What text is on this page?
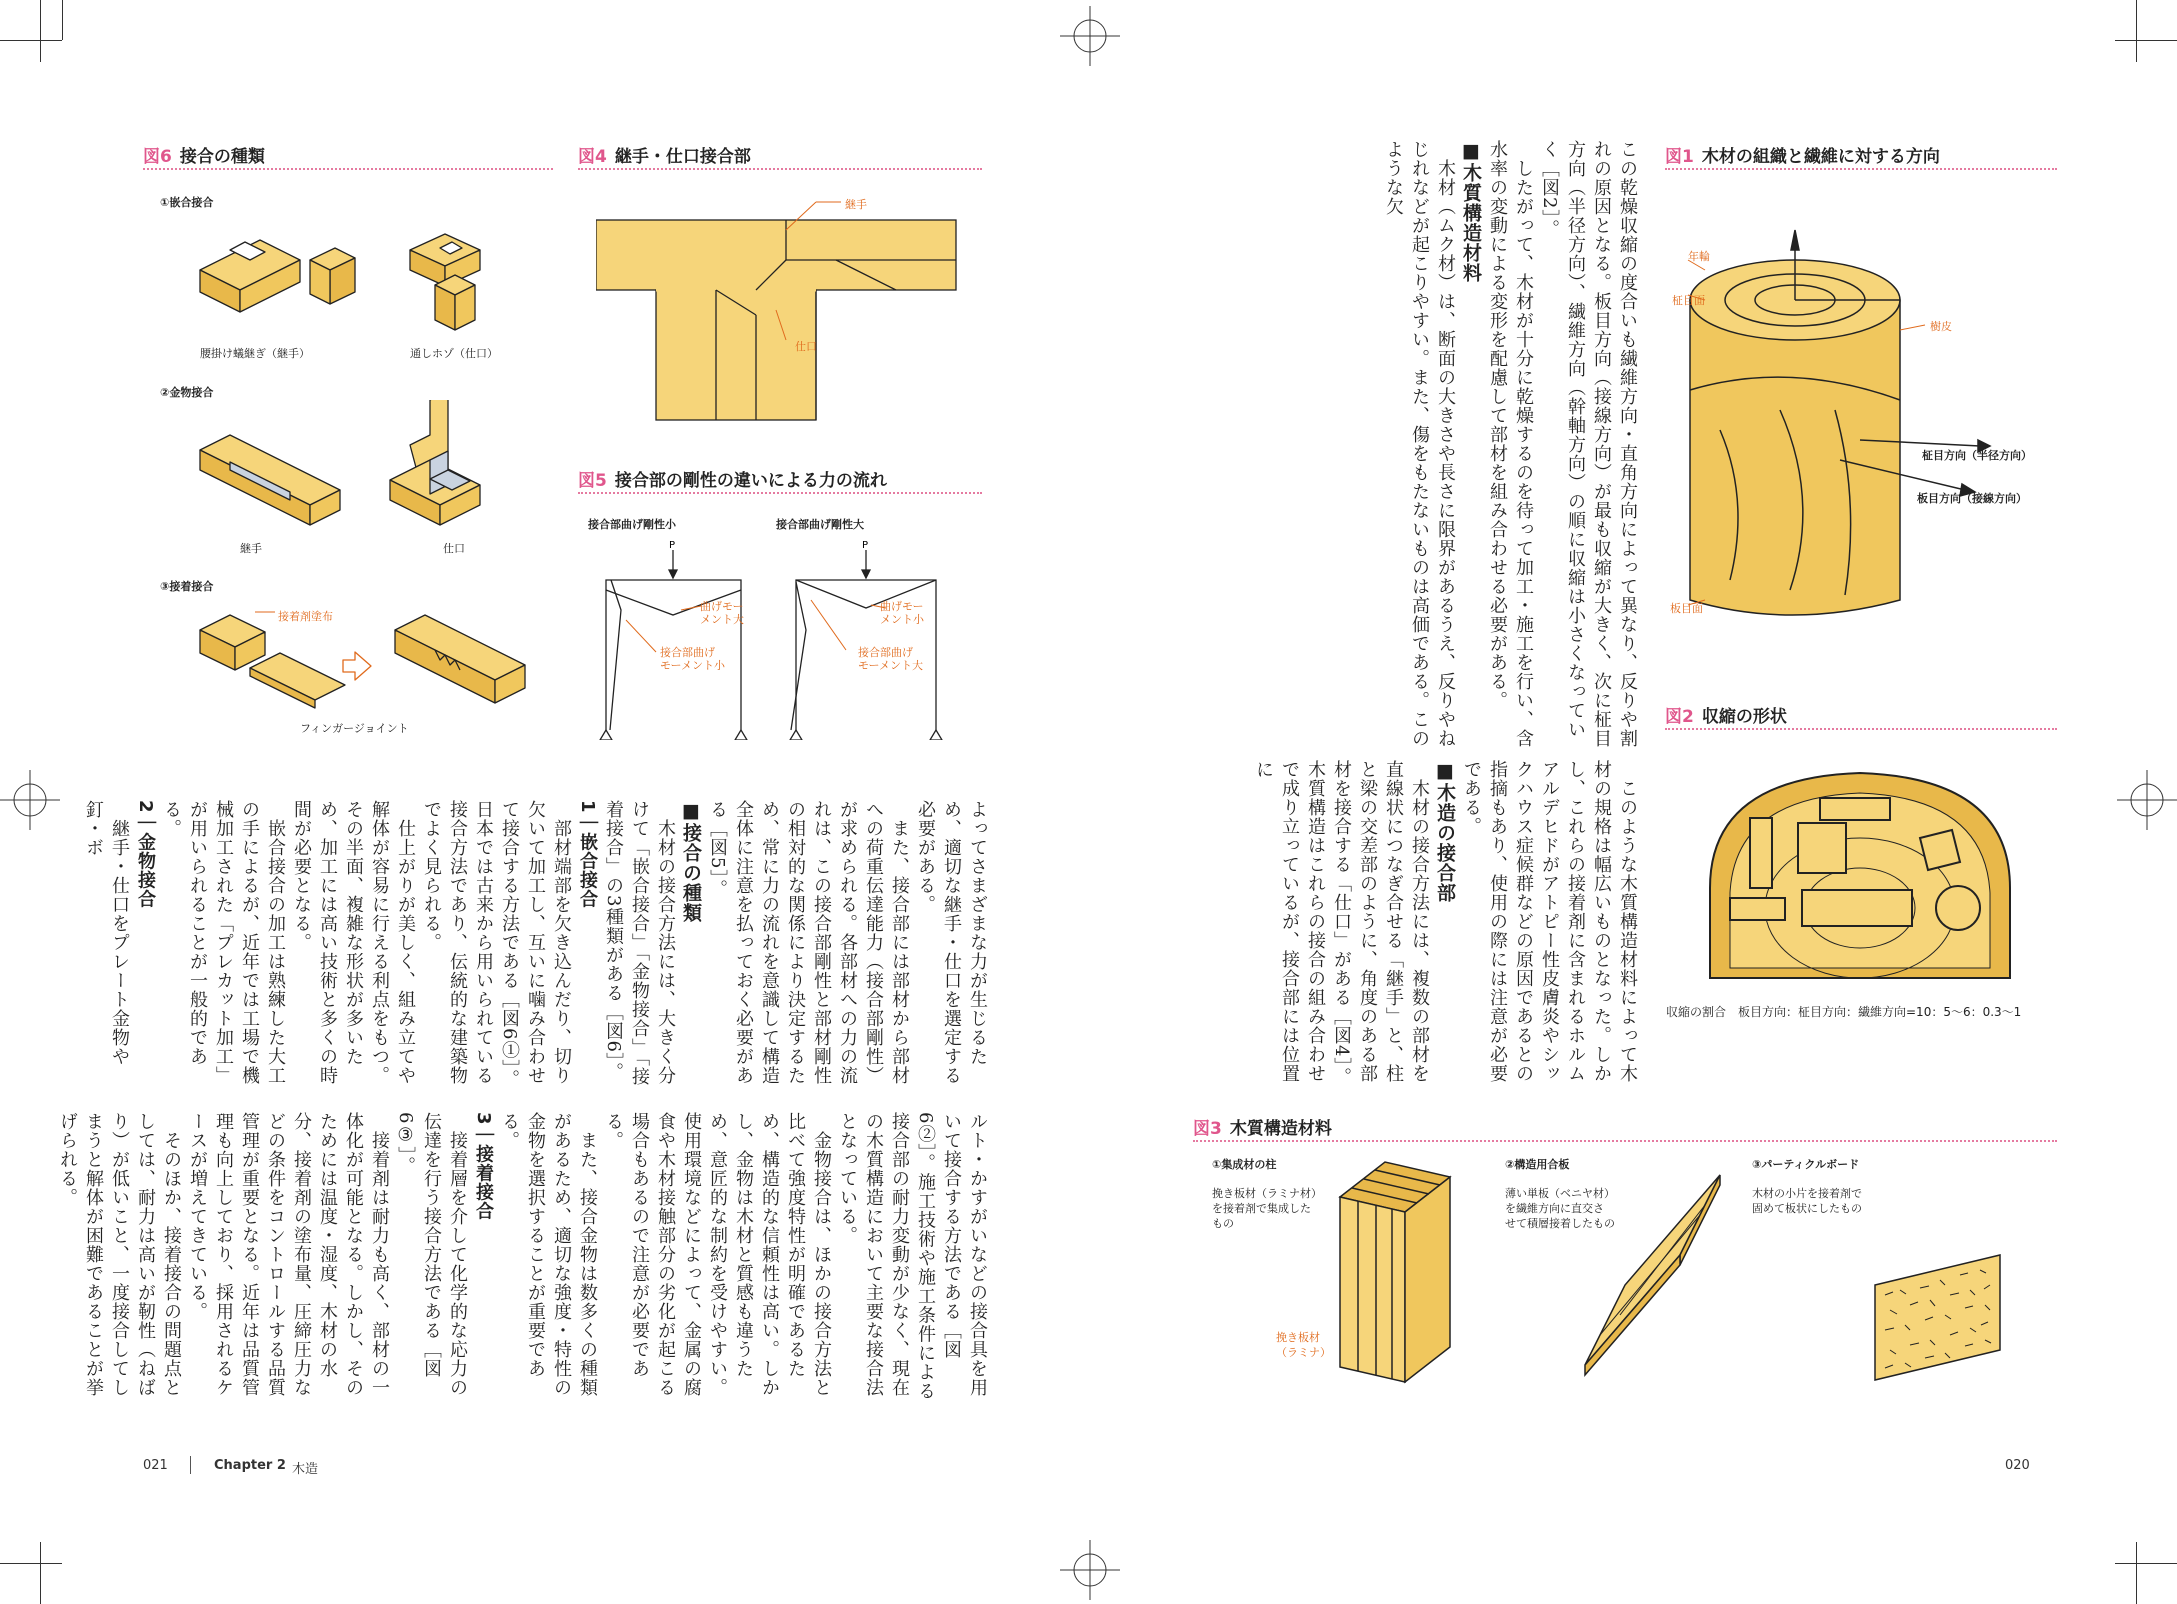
図6 接合の種類
①嵌合接合
腰掛け蟻継ぎ（継手）	通しホゾ（仕口）
②金物接合
継手	仕口
③接着接合
接着剤塗布
フィンガージョイント
図4 継手・仕口接合部
継手
仕口
図5 接合部の剛性の違いによる力の流れ
接合部曲げ剛性小	接合部曲げ剛性大
P	P
曲げモー
メント大
接合部曲げ
モーメント小
曲げモー
メント小
接合部曲げ
モーメント大

よってさまざまな力が生じるため、適切な継手・仕口を選定する必要がある。

　また、接合部には部材から部材への荷重伝達能力（接合部剛性）が求められる。各部材への力の流れは、この接合部剛性と部材剛性の相対的な関係により決定するため、常に力の流れを意識して構造全体に注意を払っておく必要がある［図5］。

■接合の種類

　木材の接合方法には、大きく分けて「嵌合接合」「金物接合」「接着接合」の3種類がある［図6］。

1｜嵌合接合

　部材端部を欠き込んだり、切り欠いて加工し、互いに噛み合わせて接合する方法である［図6①］。日本では古来から用いられている接合方法であり、伝統的な建築物でよく見られる。

　仕上がりが美しく、組み立てや解体が容易に行える利点をもつ。その半面、複雑な形状が多いため、加工には高い技術と多くの時間が必要となる。

　嵌合接合の加工は熟練した大工の手によるが、近年では工場で機械加工された「プレカット加工」が用いられることが一般的である。

2｜金物接合

　継手・仕口をプレート金物や釘・ボ

ルト・かすがいなどの接合具を用いて接合する方法である［図6②］。施工技術や施工条件による接合部の耐力変動が少なく、現在の木質構造において主要な接合法となっている。

　金物接合は、ほかの接合方法と比べて強度特性が明確であるため、構造的な信頼性は高い。しかし、金物は木材と質感も違うため、意匠的な制約を受けやすい。使用環境などによって、金属の腐食や木材接触部分の劣化が起こる場合もあるので注意が必要である。

　また、接合金物は数多くの種類があるため、適切な強度・特性の金物を選択することが重要である。

3｜接着接合

　接着層を介して化学的な応力の伝達を行う接合方法である［図6③］。

　接着剤は耐力も高く、部材の一体化が可能となる。しかし、そのためには温度・湿度、木材の水分、接着剤の塗布量、圧締圧力などの条件をコントロールする品質管理が重要となる。近年は品質管理も向上しており、採用されるケースが増えてきている。

　そのほか、接着接合の問題点としては、耐力は高いが靭性（ねばり）が低いこと、一度接合してしまうと解体が困難であることが挙げられる。

021	Chapter 2 木造

この乾燥収縮の度合いも繊維方向・直角方向によって異なり、反りや割れの原因となる。板目方向（接線方向）が最も収縮が大きく、次に柾目方向（半径方向）、繊維方向（幹軸方向）の順に収縮は小さくなっていく［図2］。

　したがって、木材が十分に乾燥するのを待って加工・施工を行い、含水率の変動による変形を配慮して部材を組み合わせる必要がある。

■木質構造材料

　木材（ムク材）は、断面の大きさや長さに限界があるうえ、反りやねじれなどが起こりやすい。また、傷をもたないものは高価である。このような欠

　このような木質構造材料によって木材の規格は幅広いものとなった。しかし、これらの接着剤に含まれるホルムアルデヒドがアトピー性皮膚炎やシックハウス症候群などの原因であるとの指摘もあり、使用の際には注意が必要である。

■木造の接合部

　木材の接合方法には、複数の部材を直線状につなぎ合せる「継手」と、柱と梁の交差部のように、角度のある部材を接合する「仕口」がある［図4］。木質構造はこれらの接合の組み合わせで成り立っているが、接合部には位置に

図1 木材の組織と繊維に対する方向
年輪
柾目面
樹皮
板目面
柾目方向（半径方向）
板目方向（接線方向）
図2 収縮の形状
収縮の割合　板目方向：柾目方向：繊維方向=10：5～6：0.3～1
図3 木質構造材料
①集成材の柱
挽き板材（ラミナ材）
を接着剤で集成した
もの
挽き板材
（ラミナ）
②構造用合板
薄い単板（ベニヤ材）
を繊維方向に直交さ
せて積層接着したもの
③パーティクルボード
木材の小片を接着剤で
固めて板状にしたもの
020
